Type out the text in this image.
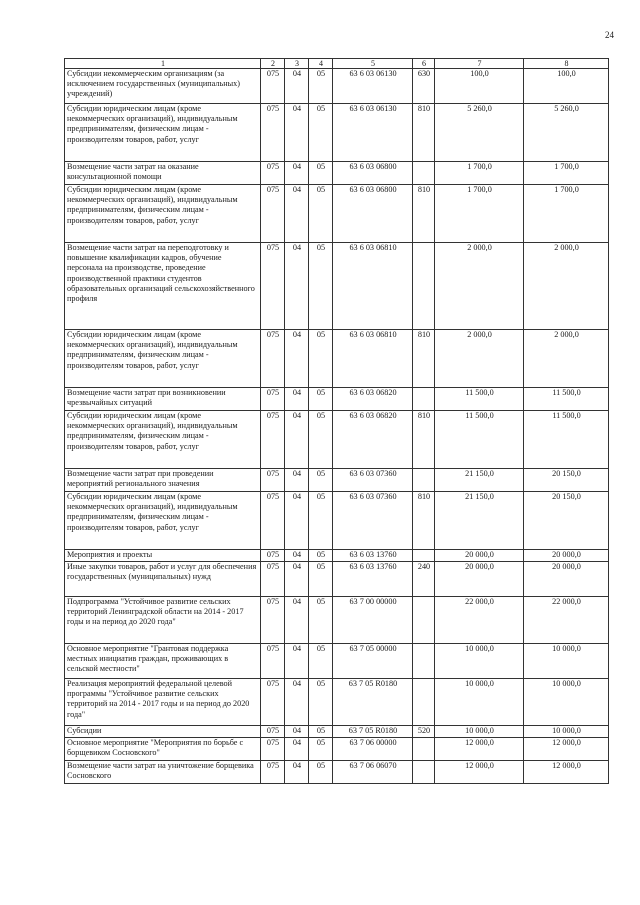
24
1	2	3	4	5	6	7	8
Субсидии некоммерческим организациям (за исключением государственных (муниципальных) учреждений)	075	04	05	63 6 03 06130	630	100,0	100,0
Субсидии юридическим лицам (кроме некоммерческих организаций), индивидуальным предпринимателям, физическим лицам - производителям товаров, работ, услуг	075	04	05	63 6 03 06130	810	5 260,0	5 260,0
Возмещение части затрат на оказание консультационной помощи	075	04	05	63 6 03 06800		1 700,0	1 700,0
Субсидии юридическим лицам (кроме некоммерческих организаций), индивидуальным предпринимателям, физическим лицам - производителям товаров, работ, услуг	075	04	05	63 6 03 06800	810	1 700,0	1 700,0
Возмещение части затрат на переподготовку и повышение квалификации кадров, обучение персонала на производстве, проведение производственной практики студентов образовательных организаций сельскохозяйственного профиля	075	04	05	63 6 03 06810		2 000,0	2 000,0
Субсидии юридическим лицам (кроме некоммерческих организаций), индивидуальным предпринимателям, физическим лицам - производителям товаров, работ, услуг	075	04	05	63 6 03 06810	810	2 000,0	2 000,0
Возмещение части затрат при возникновении чрезвычайных ситуаций	075	04	05	63 6 03 06820		11 500,0	11 500,0
Субсидии юридическим лицам (кроме некоммерческих организаций), индивидуальным предпринимателям, физическим лицам - производителям товаров, работ, услуг	075	04	05	63 6 03 06820	810	11 500,0	11 500,0
Возмещение части затрат при проведении мероприятий регионального значения	075	04	05	63 6 03 07360		21 150,0	20 150,0
Субсидии юридическим лицам (кроме некоммерческих организаций), индивидуальным предпринимателям, физическим лицам - производителям товаров, работ, услуг	075	04	05	63 6 03 07360	810	21 150,0	20 150,0
Мероприятия и проекты	075	04	05	63 6 03 13760		20 000,0	20 000,0
Иные закупки товаров, работ и услуг для обеспечения государственных (муниципальных) нужд	075	04	05	63 6 03 13760	240	20 000,0	20 000,0
Подпрограмма "Устойчивое развитие сельских территорий Ленинградской области на 2014 - 2017 годы и на период до 2020 года"	075	04	05	63 7 00 00000		22 000,0	22 000,0
Основное мероприятие "Грантовая поддержка местных инициатив граждан, проживающих в сельской местности"	075	04	05	63 7 05 00000		10 000,0	10 000,0
Реализация мероприятий федеральной целевой программы "Устойчивое развитие сельских территорий на 2014 - 2017 годы и на период до 2020 года"	075	04	05	63 7 05 R0180		10 000,0	10 000,0
Субсидии	075	04	05	63 7 05 R0180	520	10 000,0	10 000,0
Основное мероприятие "Мероприятия по борьбе с борщевиком Сосновского"	075	04	05	63 7 06 00000		12 000,0	12 000,0
Возмещение части затрат на уничтожение борщевика Сосновского	075	04	05	63 7 06 06070		12 000,0	12 000,0
